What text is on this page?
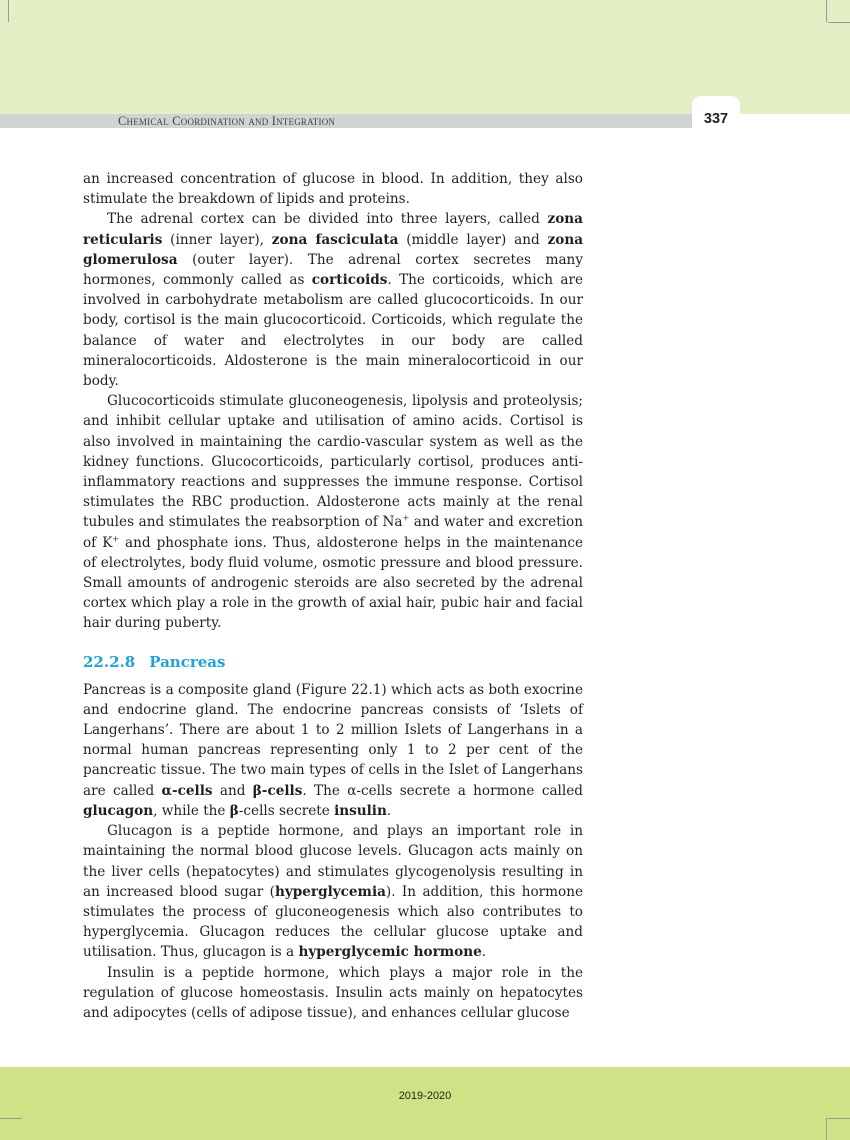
Chemical Coordination and Integration	337

an increased concentration of glucose in blood. In addition, they also stimulate the breakdown of lipids and proteins.

The adrenal cortex can be divided into three layers, called zona reticularis (inner layer), zona fasciculata (middle layer) and zona glomerulosa (outer layer). The adrenal cortex secretes many hormones, commonly called as corticoids. The corticoids, which are involved in carbohydrate metabolism are called glucocorticoids. In our body, cortisol is the main glucocorticoid. Corticoids, which regulate the balance of water and electrolytes in our body are called mineralocorticoids. Aldosterone is the main mineralocorticoid in our body.

Glucocorticoids stimulate gluconeogenesis, lipolysis and proteolysis; and inhibit cellular uptake and utilisation of amino acids. Cortisol is also involved in maintaining the cardio-vascular system as well as the kidney functions. Glucocorticoids, particularly cortisol, produces anti-inflammatory reactions and suppresses the immune response. Cortisol stimulates the RBC production. Aldosterone acts mainly at the renal tubules and stimulates the reabsorption of Na+ and water and excretion of K+ and phosphate ions. Thus, aldosterone helps in the maintenance of electrolytes, body fluid volume, osmotic pressure and blood pressure. Small amounts of androgenic steroids are also secreted by the adrenal cortex which play a role in the growth of axial hair, pubic hair and facial hair during puberty.

22.2.8 Pancreas

Pancreas is a composite gland (Figure 22.1) which acts as both exocrine and endocrine gland. The endocrine pancreas consists of ‘Islets of Langerhans’. There are about 1 to 2 million Islets of Langerhans in a normal human pancreas representing only 1 to 2 per cent of the pancreatic tissue. The two main types of cells in the Islet of Langerhans are called α-cells and β-cells. The α-cells secrete a hormone called glucagon, while the β-cells secrete insulin.

Glucagon is a peptide hormone, and plays an important role in maintaining the normal blood glucose levels. Glucagon acts mainly on the liver cells (hepatocytes) and stimulates glycogenolysis resulting in an increased blood sugar (hyperglycemia). In addition, this hormone stimulates the process of gluconeogenesis which also contributes to hyperglycemia. Glucagon reduces the cellular glucose uptake and utilisation. Thus, glucagon is a hyperglycemic hormone.

Insulin is a peptide hormone, which plays a major role in the regulation of glucose homeostasis. Insulin acts mainly on hepatocytes and adipocytes (cells of adipose tissue), and enhances cellular glucose

2019-2020
